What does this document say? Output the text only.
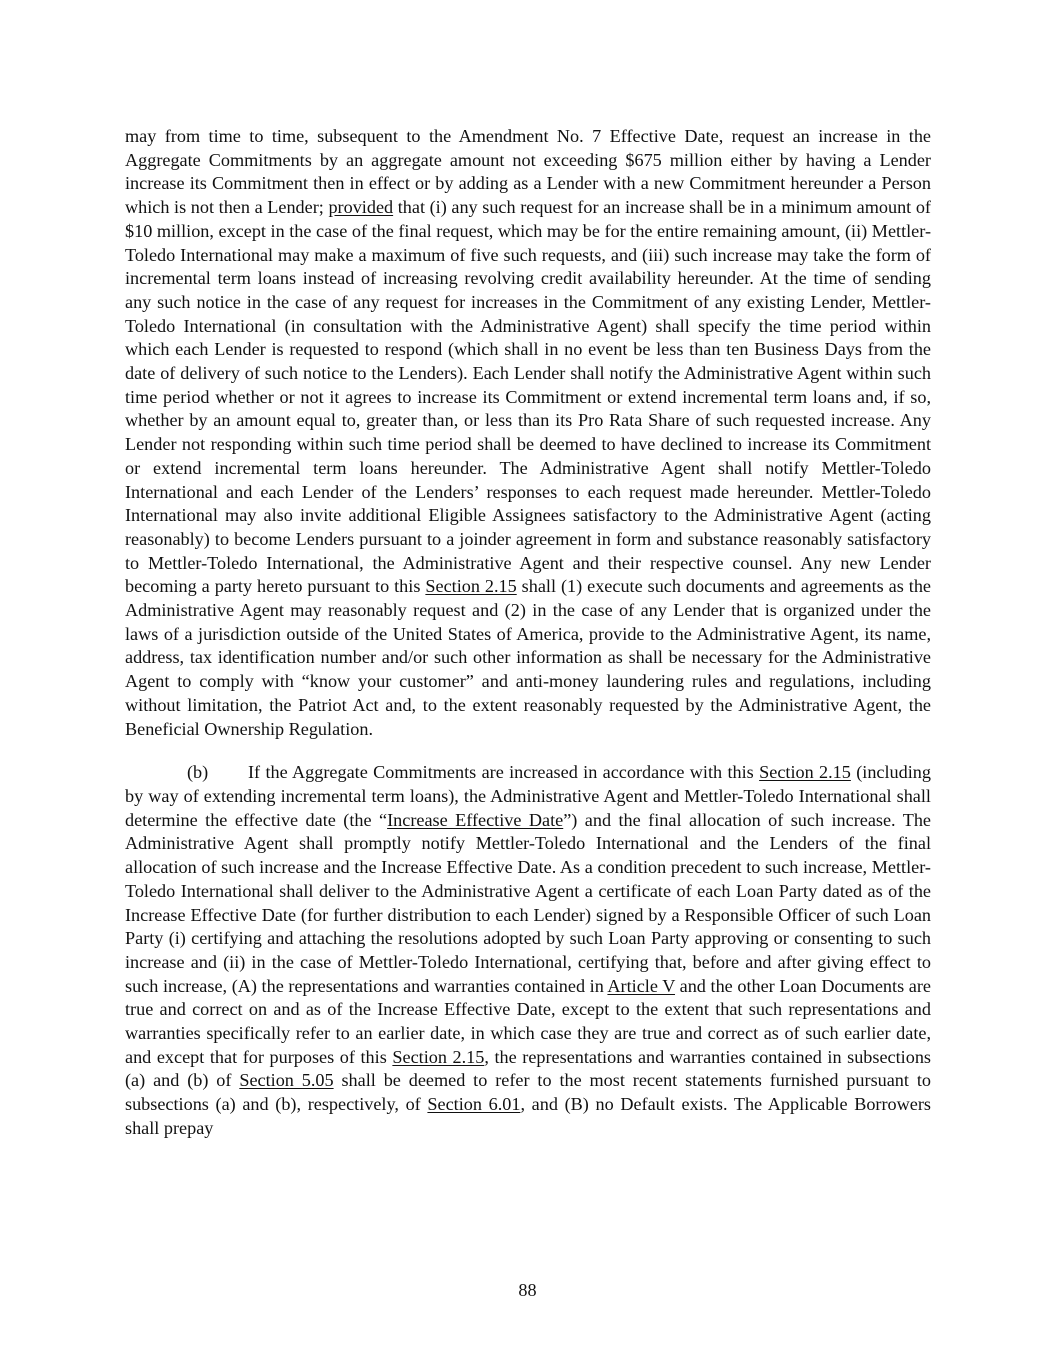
may from time to time, subsequent to the Amendment No. 7 Effective Date, request an increase in the Aggregate Commitments by an aggregate amount not exceeding $675 million either by having a Lender increase its Commitment then in effect or by adding as a Lender with a new Commitment hereunder a Person which is not then a Lender; provided that (i) any such request for an increase shall be in a minimum amount of $10 million, except in the case of the final request, which may be for the entire remaining amount, (ii) Mettler-Toledo International may make a maximum of five such requests, and (iii) such increase may take the form of incremental term loans instead of increasing revolving credit availability hereunder. At the time of sending any such notice in the case of any request for increases in the Commitment of any existing Lender, Mettler-Toledo International (in consultation with the Administrative Agent) shall specify the time period within which each Lender is requested to respond (which shall in no event be less than ten Business Days from the date of delivery of such notice to the Lenders). Each Lender shall notify the Administrative Agent within such time period whether or not it agrees to increase its Commitment or extend incremental term loans and, if so, whether by an amount equal to, greater than, or less than its Pro Rata Share of such requested increase. Any Lender not responding within such time period shall be deemed to have declined to increase its Commitment or extend incremental term loans hereunder. The Administrative Agent shall notify Mettler-Toledo International and each Lender of the Lenders’ responses to each request made hereunder. Mettler-Toledo International may also invite additional Eligible Assignees satisfactory to the Administrative Agent (acting reasonably) to become Lenders pursuant to a joinder agreement in form and substance reasonably satisfactory to Mettler-Toledo International, the Administrative Agent and their respective counsel. Any new Lender becoming a party hereto pursuant to this Section 2.15 shall (1) execute such documents and agreements as the Administrative Agent may reasonably request and (2) in the case of any Lender that is organized under the laws of a jurisdiction outside of the United States of America, provide to the Administrative Agent, its name, address, tax identification number and/or such other information as shall be necessary for the Administrative Agent to comply with “know your customer” and anti-money laundering rules and regulations, including without limitation, the Patriot Act and, to the extent reasonably requested by the Administrative Agent, the Beneficial Ownership Regulation.

(b) If the Aggregate Commitments are increased in accordance with this Section 2.15 (including by way of extending incremental term loans), the Administrative Agent and Mettler-Toledo International shall determine the effective date (the “Increase Effective Date”) and the final allocation of such increase. The Administrative Agent shall promptly notify Mettler-Toledo International and the Lenders of the final allocation of such increase and the Increase Effective Date. As a condition precedent to such increase, Mettler-Toledo International shall deliver to the Administrative Agent a certificate of each Loan Party dated as of the Increase Effective Date (for further distribution to each Lender) signed by a Responsible Officer of such Loan Party (i) certifying and attaching the resolutions adopted by such Loan Party approving or consenting to such increase and (ii) in the case of Mettler-Toledo International, certifying that, before and after giving effect to such increase, (A) the representations and warranties contained in Article V and the other Loan Documents are true and correct on and as of the Increase Effective Date, except to the extent that such representations and warranties specifically refer to an earlier date, in which case they are true and correct as of such earlier date, and except that for purposes of this Section 2.15, the representations and warranties contained in subsections (a) and (b) of Section 5.05 shall be deemed to refer to the most recent statements furnished pursuant to subsections (a) and (b), respectively, of Section 6.01, and (B) no Default exists. The Applicable Borrowers shall prepay

88
